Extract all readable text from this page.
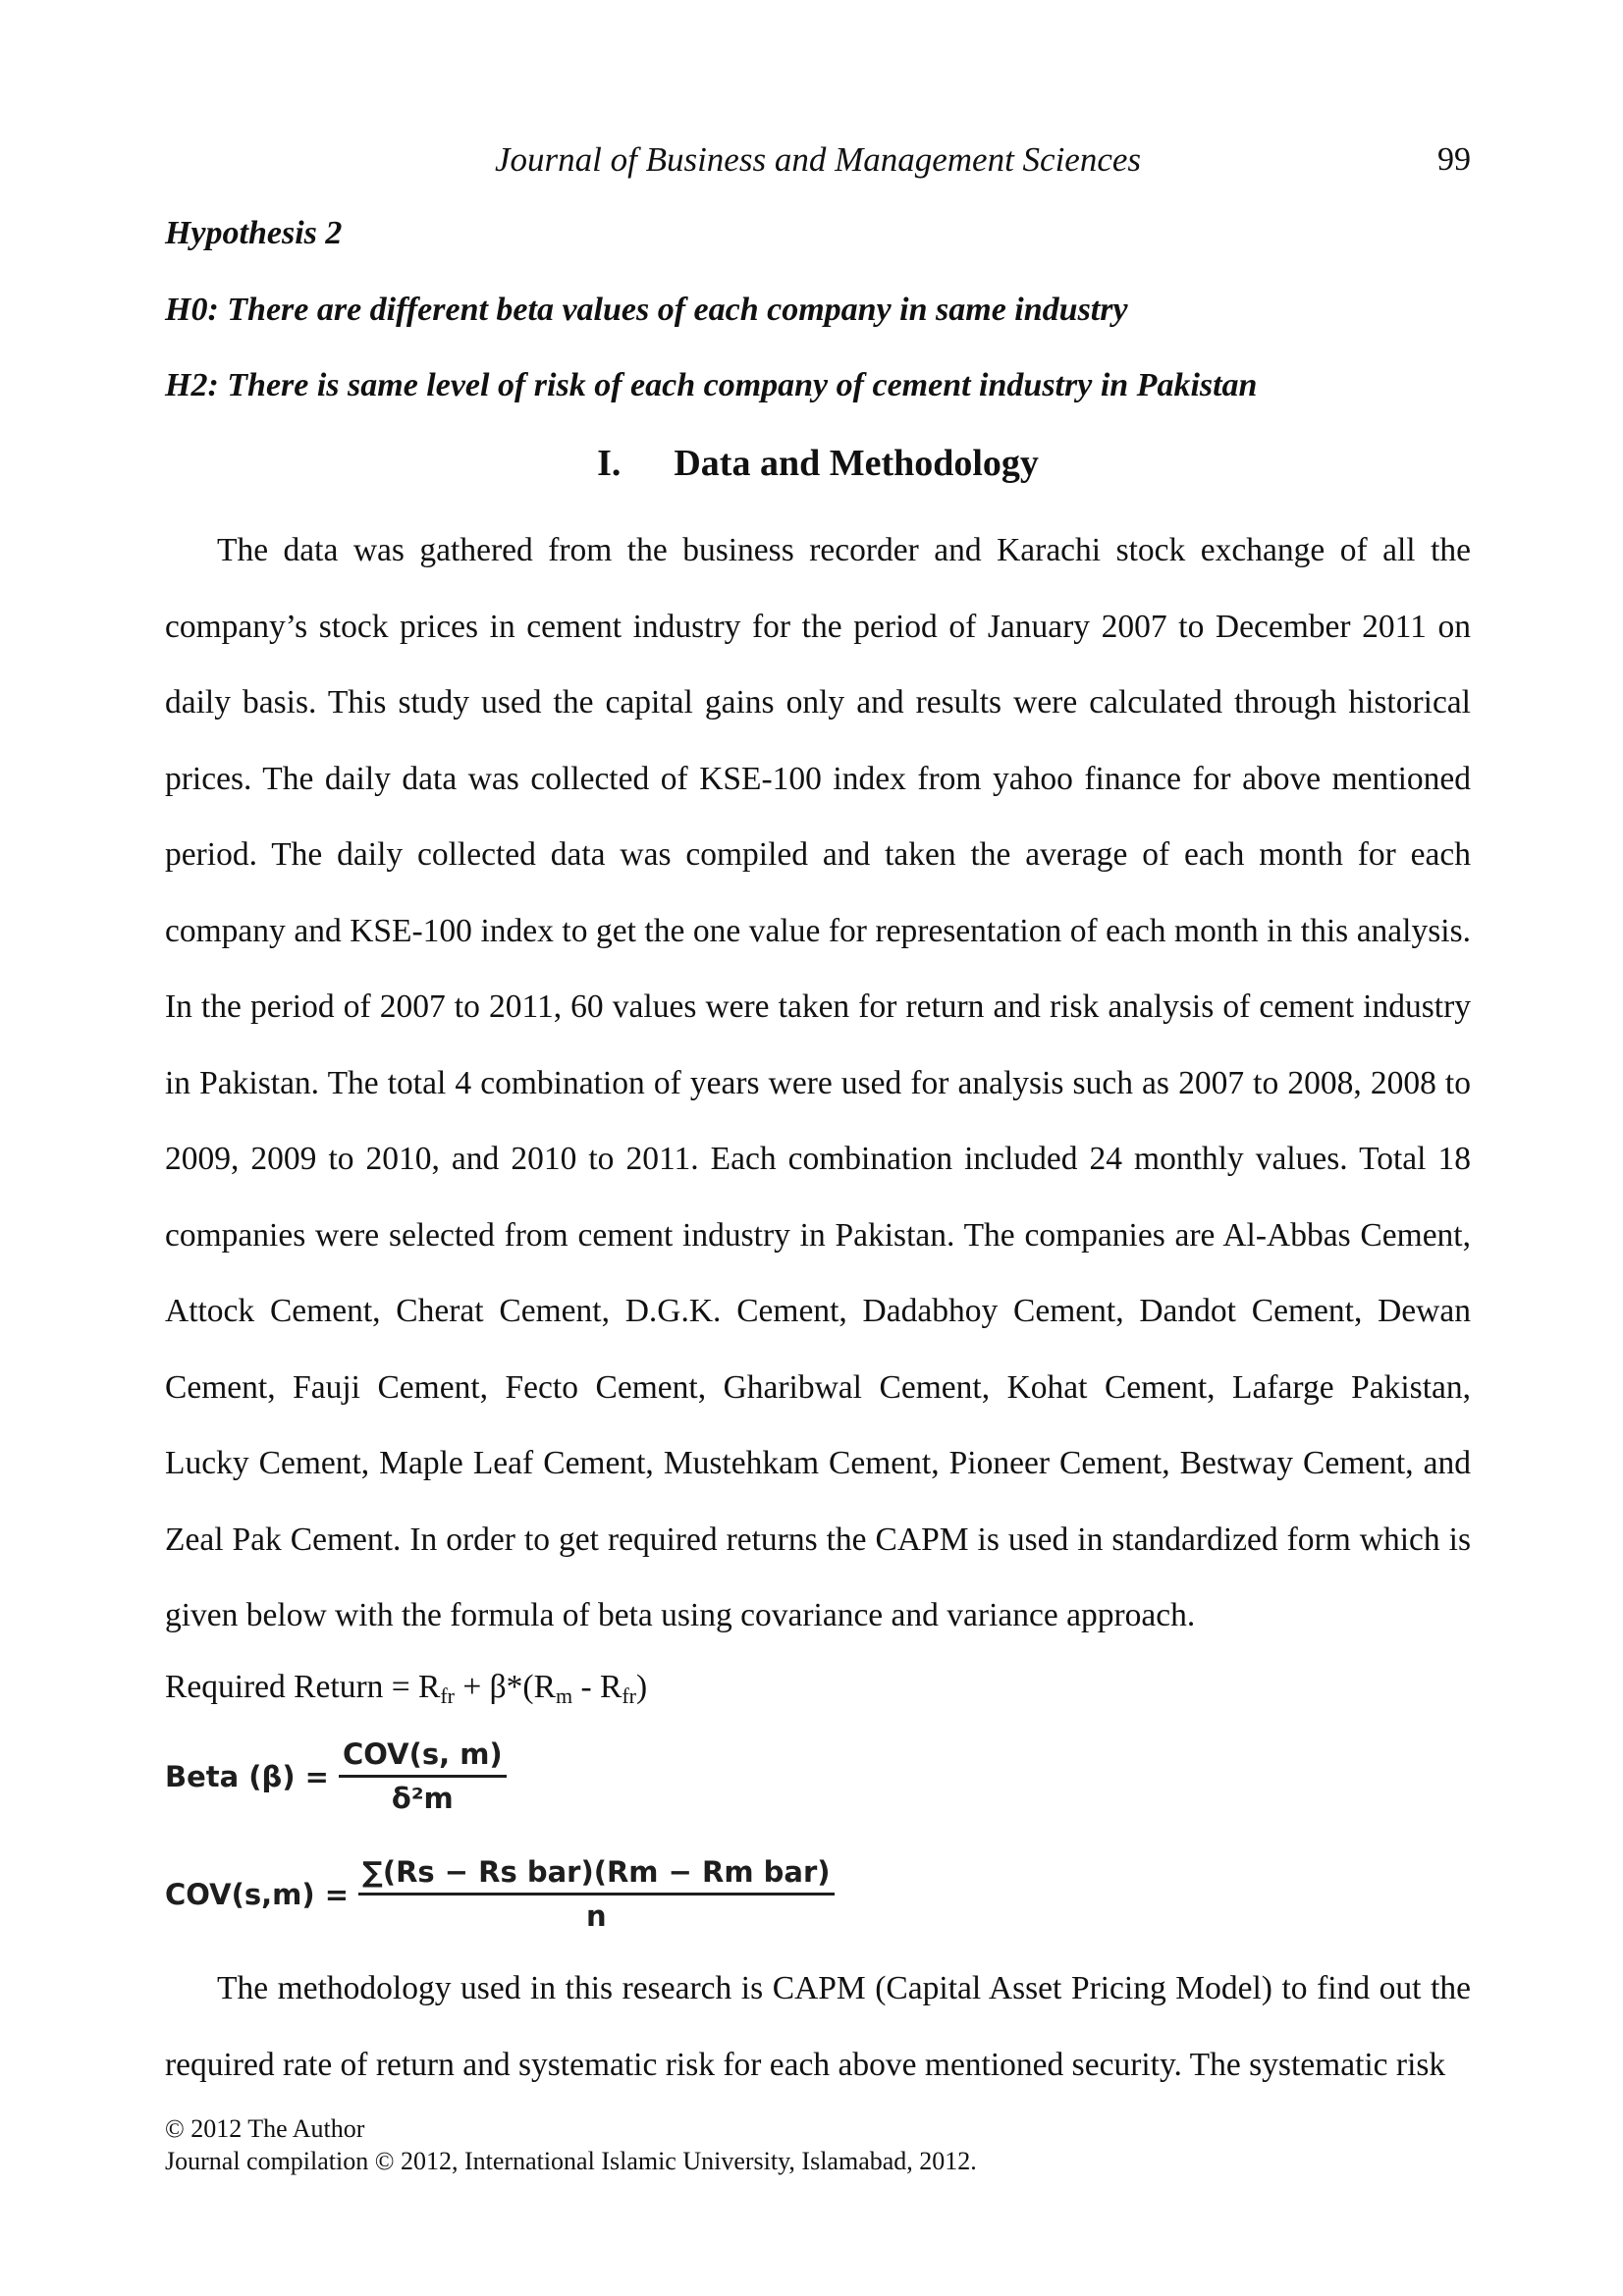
Journal of Business and Management Sciences	99
Hypothesis 2
H0: There are different beta values of each company in same industry
H2: There is same level of risk of each company of cement industry in Pakistan
I. Data and Methodology

The data was gathered from the business recorder and Karachi stock exchange of all the company’s stock prices in cement industry for the period of January 2007 to December 2011 on daily basis. This study used the capital gains only and results were calculated through historical prices. The daily data was collected of KSE-100 index from yahoo finance for above mentioned period. The daily collected data was compiled and taken the average of each month for each company and KSE-100 index to get the one value for representation of each month in this analysis. In the period of 2007 to 2011, 60 values were taken for return and risk analysis of cement industry in Pakistan. The total 4 combination of years were used for analysis such as 2007 to 2008, 2008 to 2009, 2009 to 2010, and 2010 to 2011. Each combination included 24 monthly values. Total 18 companies were selected from cement industry in Pakistan. The companies are Al-Abbas Cement, Attock Cement, Cherat Cement, D.G.K. Cement, Dadabhoy Cement, Dandot Cement, Dewan Cement, Fauji Cement, Fecto Cement, Gharibwal Cement, Kohat Cement, Lafarge Pakistan, Lucky Cement, Maple Leaf Cement, Mustehkam Cement, Pioneer Cement, Bestway Cement, and Zeal Pak Cement. In order to get required returns the CAPM is used in standardized form which is given below with the formula of beta using covariance and variance approach.

Required Return = $R_{fr} + \beta*(R_m - R_{fr})$
Beta $(\beta) = \frac{\text{COV(s, m)}}{\text{δ²m}}$
$COV(s,m) = \frac{\text{∑(Rs − Rs bar)(Rm − Rm bar)}}{n}$

The methodology used in this research is CAPM (Capital Asset Pricing Model) to find out the required rate of return and systematic risk for each above mentioned security. The systematic risk

© 2012 The Author
Journal compilation © 2012, International Islamic University, Islamabad, 2012.
